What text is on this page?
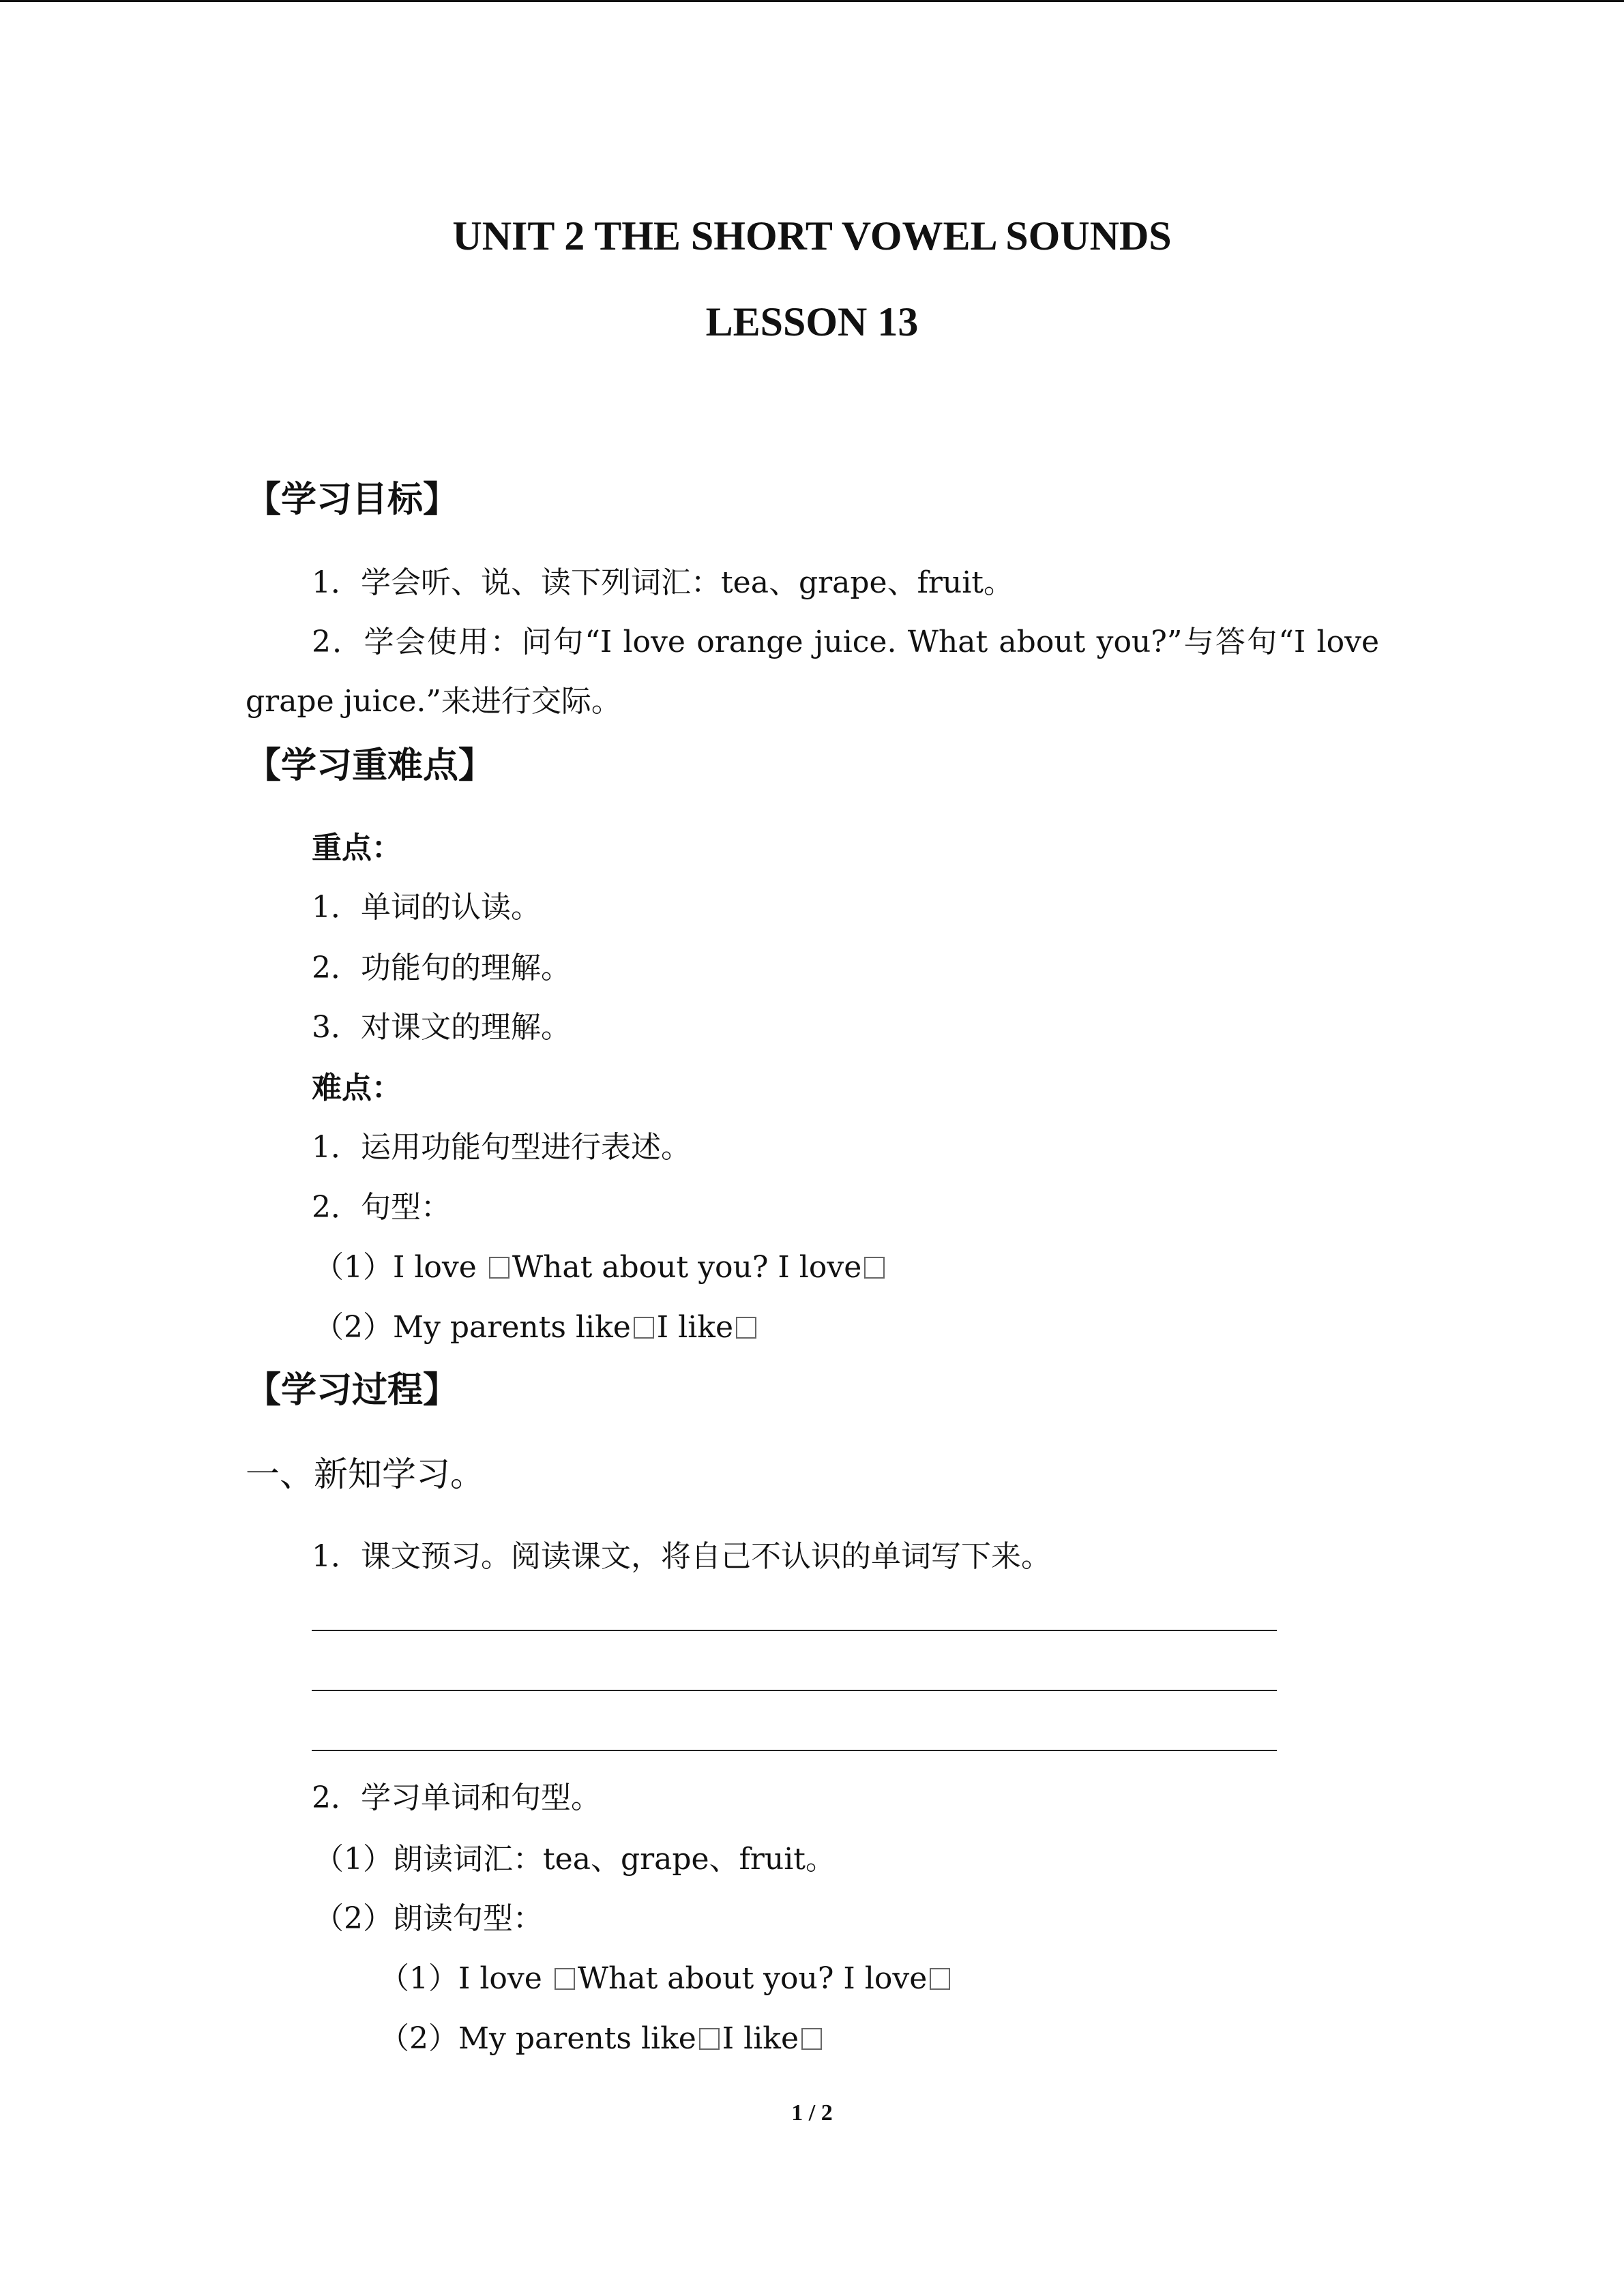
UNIT 2 THE SHORT VOWEL SOUNDS
LESSON 13
【学习目标】
1．学会听、说、读下列词汇：tea、grape、fruit。
2．学会使用：问句“I love orange juice. What about you?”与答句“I love
grape juice.”来进行交际。
【学习重难点】
重点：
1．单词的认读。
2．功能句的理解。
3．对课文的理解。
难点：
1．运用功能句型进行表述。
2．句型：
（1）I love What about you? I love
（2）My parents like I like
【学习过程】
一、新知学习。
1．课文预习。阅读课文，将自己不认识的单词写下来。
2．学习单词和句型。
（1）朗读词汇：tea、grape、fruit。
（2）朗读句型：
（1）I love What about you? I love
（2）My parents like I like
1 / 2
